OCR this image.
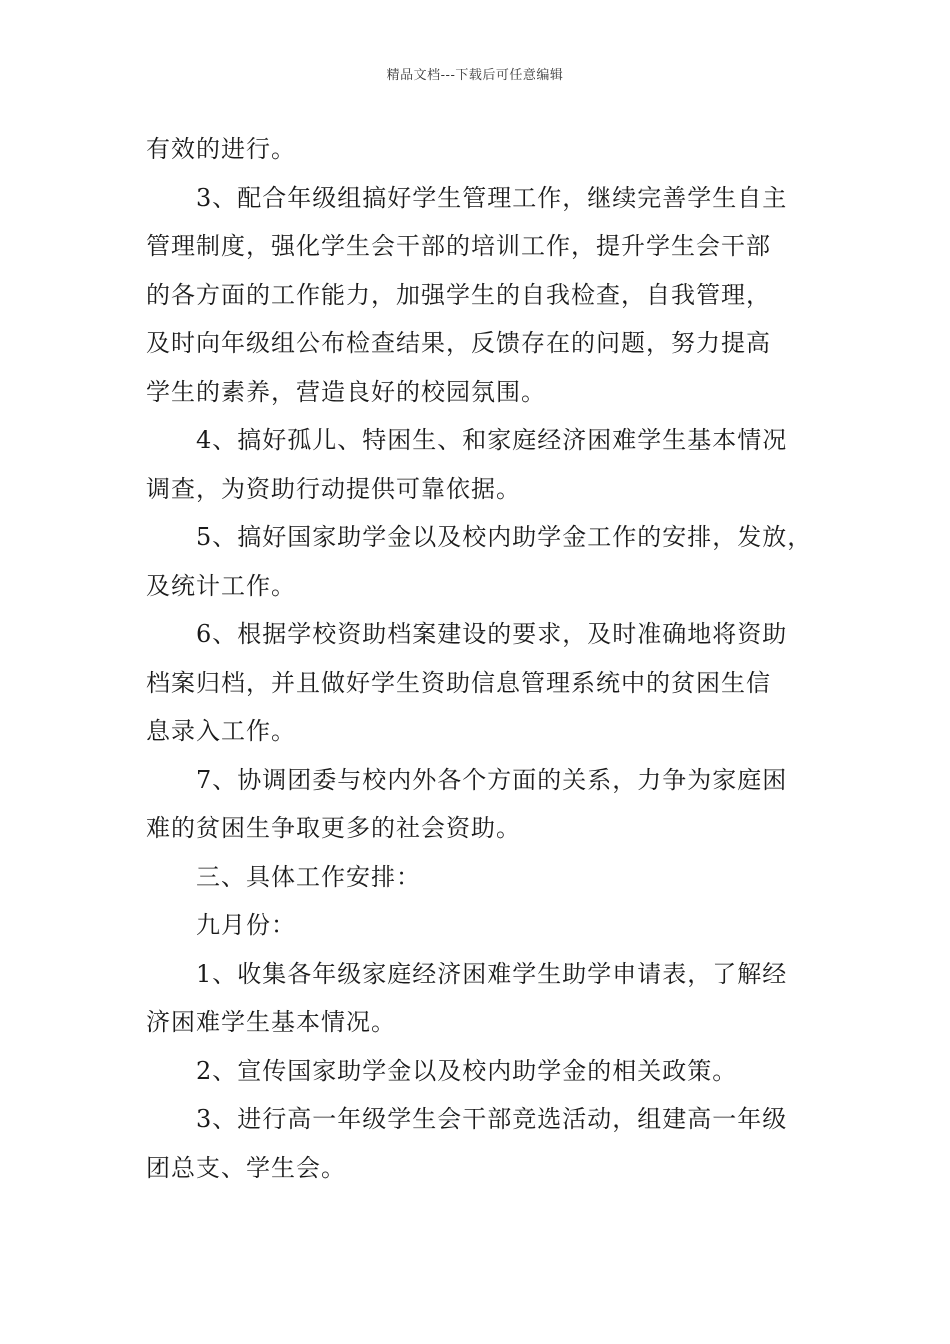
精品文档---下载后可任意编辑
有效的进行。
3、配合年级组搞好学生管理工作，继续完善学生自主
管理制度，强化学生会干部的培训工作，提升学生会干部
的各方面的工作能力，加强学生的自我检查，自我管理，
及时向年级组公布检查结果，反馈存在的问题，努力提高
学生的素养，营造良好的校园氛围。
4、搞好孤儿、特困生、和家庭经济困难学生基本情况
调查，为资助行动提供可靠依据。
5、搞好国家助学金以及校内助学金工作的安排，发放，
及统计工作。
6、根据学校资助档案建设的要求，及时准确地将资助
档案归档，并且做好学生资助信息管理系统中的贫困生信
息录入工作。
7、协调团委与校内外各个方面的关系，力争为家庭困
难的贫困生争取更多的社会资助。
三、具体工作安排：
九月份：
1、收集各年级家庭经济困难学生助学申请表，了解经
济困难学生基本情况。
2、宣传国家助学金以及校内助学金的相关政策。
3、进行高一年级学生会干部竞选活动，组建高一年级
团总支、学生会。
